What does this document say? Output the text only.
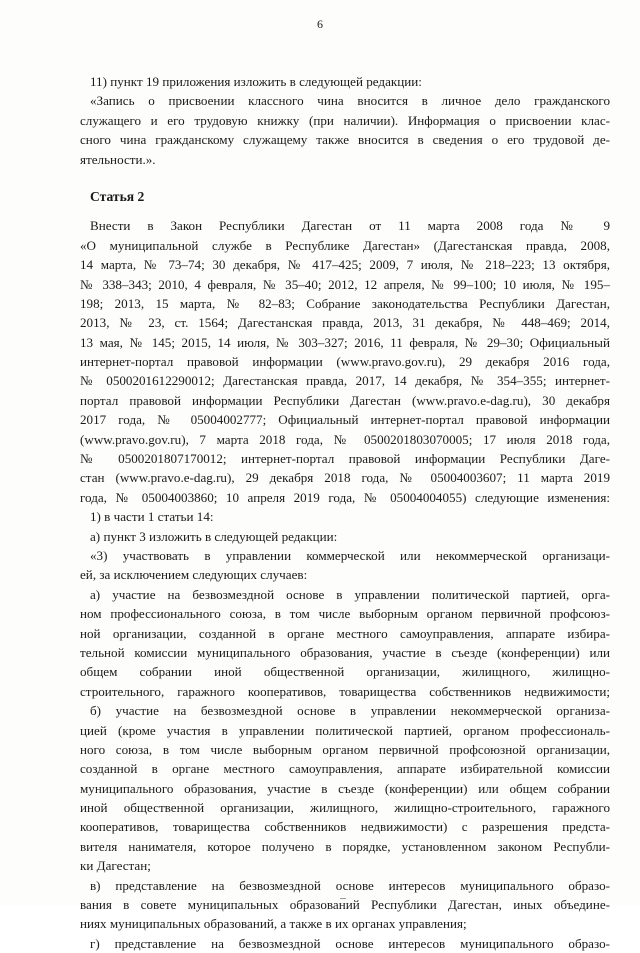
6
11) пункт 19 приложения изложить в следующей редакции:
«Запись о присвоении классного чина вносится в личное дело гражданского
служащего и его трудовую книжку (при наличии). Информация о присвоении клас-
сного чина гражданскому служащему также вносится в сведения о его трудовой де-
ятельности.».
Статья 2
Внести в Закон Республики Дагестан от 11 марта 2008 года № 9
«О муниципальной службе в Республике Дагестан» (Дагестанская правда, 2008,
14 марта, № 73–74; 30 декабря, № 417–425; 2009, 7 июля, № 218–223; 13 октября,
№ 338–343; 2010, 4 февраля, № 35–40; 2012, 12 апреля, № 99–100; 10 июля, № 195–
198; 2013, 15 марта, № 82–83; Собрание законодательства Республики Дагестан,
2013, № 23, ст. 1564; Дагестанская правда, 2013, 31 декабря, № 448–469; 2014,
13 мая, № 145; 2015, 14 июля, № 303–327; 2016, 11 февраля, № 29–30; Официальный
интернет-портал правовой информации (www.pravo.gov.ru), 29 декабря 2016 года,
№ 0500201612290012; Дагестанская правда, 2017, 14 декабря, № 354–355; интернет-
портал правовой информации Республики Дагестан (www.pravo.e-dag.ru), 30 декабря
2017 года, № 05004002777; Официальный интернет-портал правовой информации
(www.pravo.gov.ru), 7 марта 2018 года, № 0500201803070005; 17 июля 2018 года,
№ 0500201807170012; интернет-портал правовой информации Республики Даге-
стан (www.pravo.e-dag.ru), 29 декабря 2018 года, № 05004003607; 11 марта 2019
года, № 05004003860; 10 апреля 2019 года, № 05004004055) следующие изменения:
1) в части 1 статьи 14:
а) пункт 3 изложить в следующей редакции:
«3) участвовать в управлении коммерческой или некоммерческой организаци-
ей, за исключением следующих случаев:
а) участие на безвозмездной основе в управлении политической партией, орга-
ном профессионального союза, в том числе выборным органом первичной профсоюз-
ной организации, созданной в органе местного самоуправления, аппарате избира-
тельной комиссии муниципального образования, участие в съезде (конференции) или
общем собрании иной общественной организации, жилищного, жилищно-
строительного, гаражного кооперативов, товарищества собственников недвижимости;
б) участие на безвозмездной основе в управлении некоммерческой организа-
цией (кроме участия в управлении политической партией, органом профессиональ-
ного союза, в том числе выборным органом первичной профсоюзной организации,
созданной в органе местного самоуправления, аппарате избирательной комиссии
муниципального образования, участие в съезде (конференции) или общем собрании
иной общественной организации, жилищного, жилищно-строительного, гаражного
кооперативов, товарищества собственников недвижимости) с разрешения предста-
вителя нанимателя, которое получено в порядке, установленном законом Республи-
ки Дагестан;
в) представление на безвозмездной основе интересов муниципального образо-
вания в совете муниципальных образований Республики Дагестан, иных объедине-
ниях муниципальных образований, а также в их органах управления;
г) представление на безвозмездной основе интересов муниципального образо-
